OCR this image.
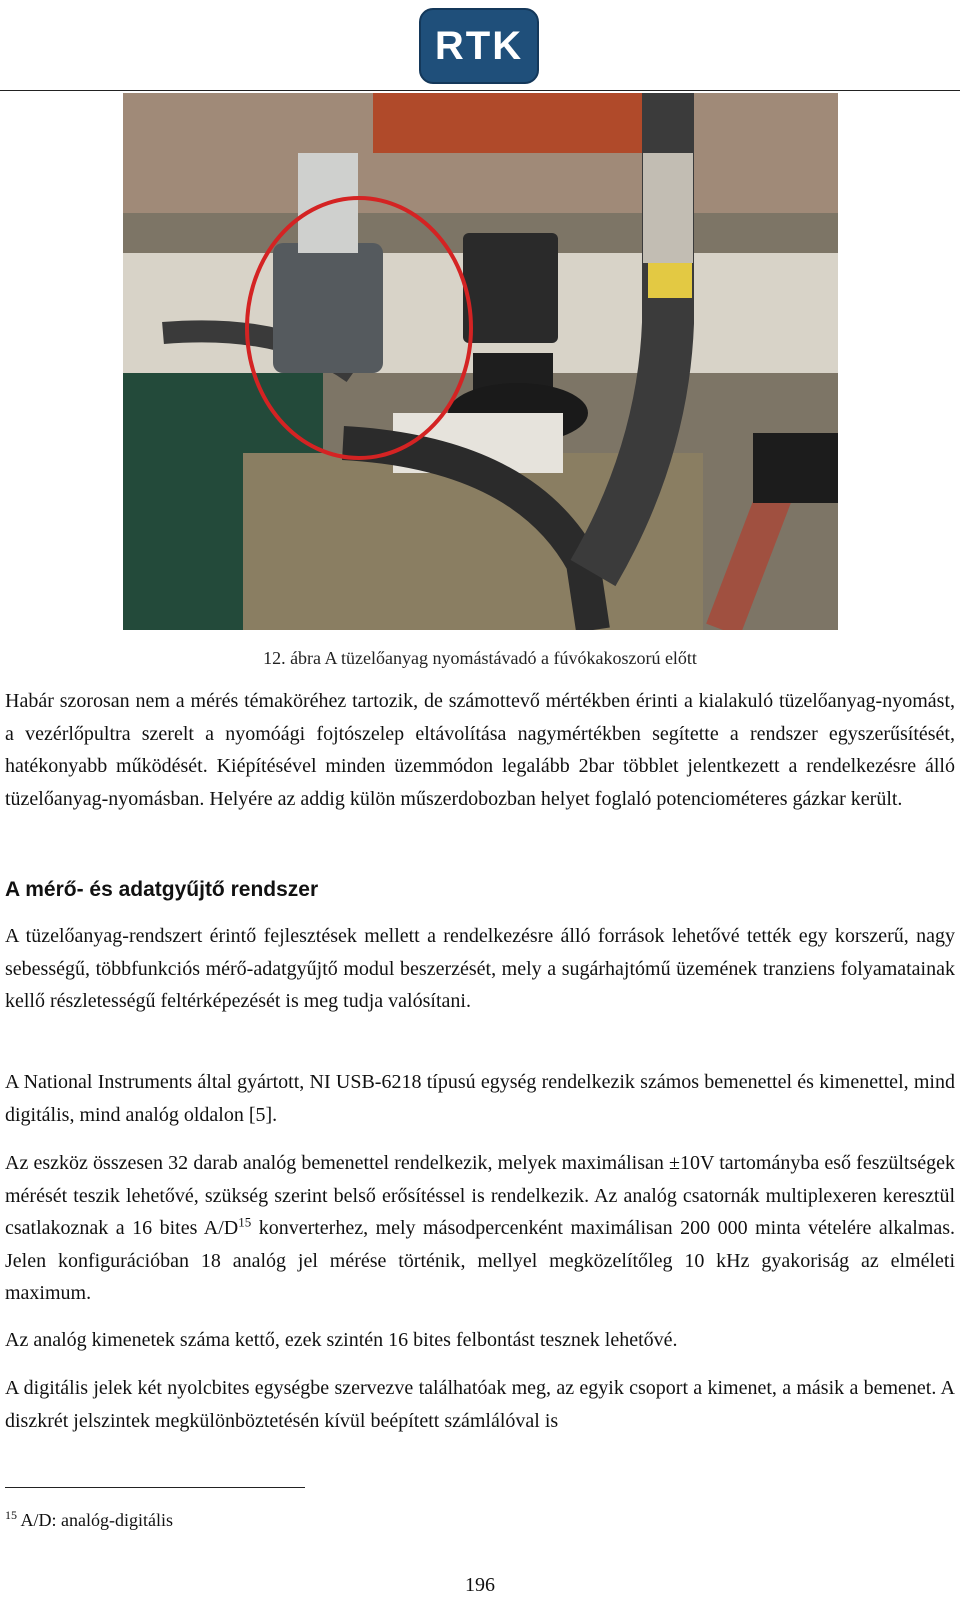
RTK
12. ábra A tüzelőanyag nyomástávadó a fúvókakoszorú előtt

Habár szorosan nem a mérés témaköréhez tartozik, de számottevő mértékben érinti a kialakuló tüzelőanyag-nyomást, a vezérlőpultra szerelt a nyomóági fojtószelep eltávolítása nagymértékben segítette a rendszer egyszerűsítését, hatékonyabb működését. Kiépítésével minden üzemmódon legalább 2bar többlet jelentkezett a rendelkezésre álló tüzelőanyag-nyomásban. Helyére az addig külön műszerdobozban helyet foglaló potenciométeres gázkar került.

A mérő- és adatgyűjtő rendszer

A tüzelőanyag-rendszert érintő fejlesztések mellett a rendelkezésre álló források lehetővé tették egy korszerű, nagy sebességű, többfunkciós mérő-adatgyűjtő modul beszerzését, mely a sugárhajtómű üzemének tranziens folyamatainak kellő részletességű feltérképezését is meg tudja valósítani.

A National Instruments által gyártott, NI USB-6218 típusú egység rendelkezik számos bemenettel és kimenettel, mind digitális, mind analóg oldalon [5].

Az eszköz összesen 32 darab analóg bemenettel rendelkezik, melyek maximálisan ±10V tartományba eső feszültségek mérését teszik lehetővé, szükség szerint belső erősítéssel is rendelkezik. Az analóg csatornák multiplexeren keresztül csatlakoznak a 16 bites $A/D^{15}$ konverterhez, mely másodpercenként maximálisan 200 000 minta vételére alkalmas. Jelen konfigurációban 18 analóg jel mérése történik, mellyel megközelítőleg 10 kHz gyakoriság az elméleti maximum.

Az analóg kimenetek száma kettő, ezek szintén 16 bites felbontást tesznek lehetővé.

A digitális jelek két nyolcbites egységbe szervezve találhatóak meg, az egyik csoport a kimenet, a másik a bemenet. A diszkrét jelszintek megkülönböztetésén kívül beépített számlálóval is

$^{15}$ A/D: analóg-digitális
196
